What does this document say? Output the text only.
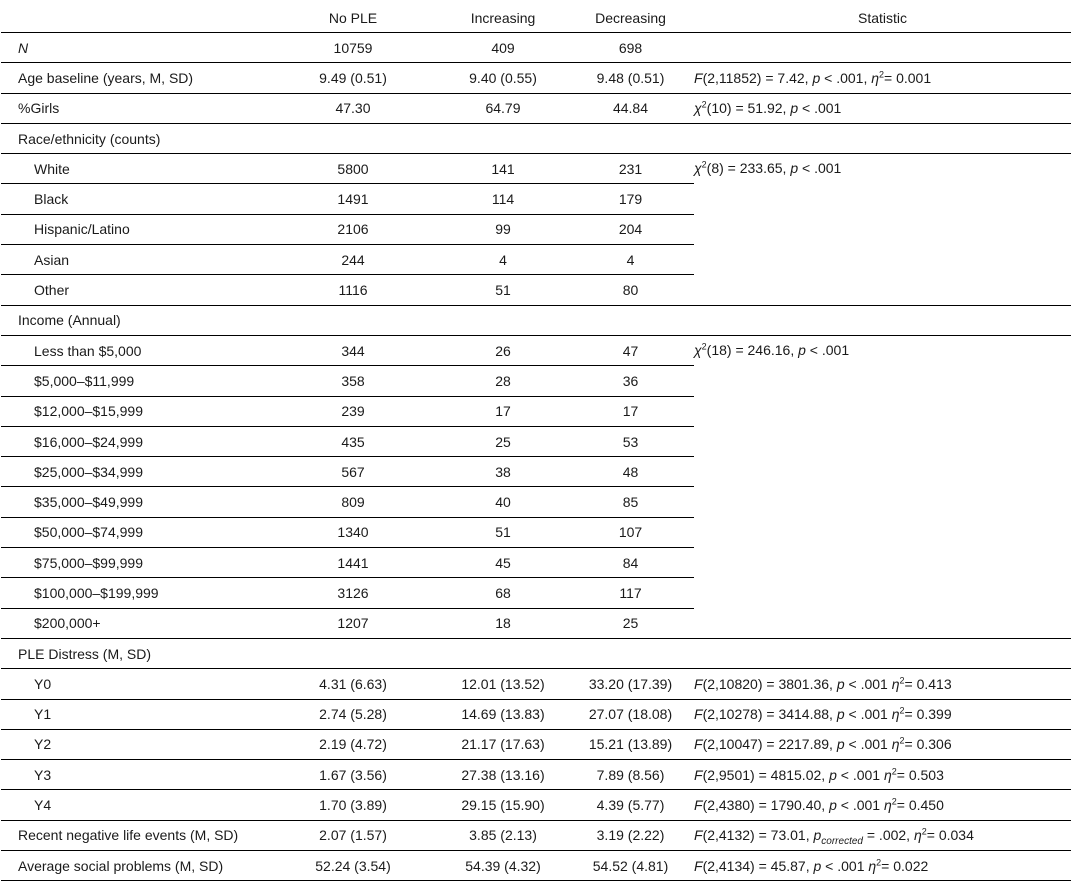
	No PLE	Increasing	Decreasing	Statistic
N	10759	409	698	
Age baseline (years, M, SD)	9.49 (0.51)	9.40 (0.55)	9.48 (0.51)	F(2,11852) = 7.42, p < .001, $\eta^2= 0.001$
%Girls	47.30	64.79	44.84	$\chi^2(10) = 51.92$, p < .001
Race/ethnicity (counts)				
White	5800	141	231	$\chi^2(8) = 233.65$, p < .001
Black	1491	114	179	
Hispanic/Latino	2106	99	204	
Asian	244	4	4	
Other	1116	51	80	
Income (Annual)				
Less than $5,000	344	26	47	$\chi^2(18) = 246.16$, p < .001
$5,000–$11,999	358	28	36	
$12,000–$15,999	239	17	17	
$16,000–$24,999	435	25	53	
$25,000–$34,999	567	38	48	
$35,000–$49,999	809	40	85	
$50,000–$74,999	1340	51	107	
$75,000–$99,999	1441	45	84	
$100,000–$199,999	3126	68	117	
$200,000+	1207	18	25	
PLE Distress (M, SD)				
Y0	4.31 (6.63)	12.01 (13.52)	33.20 (17.39)	F(2,10820) = 3801.36, p < .001 $\eta^2= 0.413$
Y1	2.74 (5.28)	14.69 (13.83)	27.07 (18.08)	F(2,10278) = 3414.88, p < .001 $\eta^2= 0.399$
Y2	2.19 (4.72)	21.17 (17.63)	15.21 (13.89)	F(2,10047) = 2217.89, p < .001 $\eta^2= 0.306$
Y3	1.67 (3.56)	27.38 (13.16)	7.89 (8.56)	F(2,9501) = 4815.02, p < .001 $\eta^2= 0.503$
Y4	1.70 (3.89)	29.15 (15.90)	4.39 (5.77)	F(2,4380) = 1790.40, p < .001 $\eta^2= 0.450$
Recent negative life events (M, SD)	2.07 (1.57)	3.85 (2.13)	3.19 (2.22)	F(2,4132) = 73.01, $p_{corrected} = .002$, $\eta^2= 0.034$
Average social problems (M, SD)	52.24 (3.54)	54.39 (4.32)	54.52 (4.81)	F(2,4134) = 45.87, p < .001 $\eta^2= 0.022$
